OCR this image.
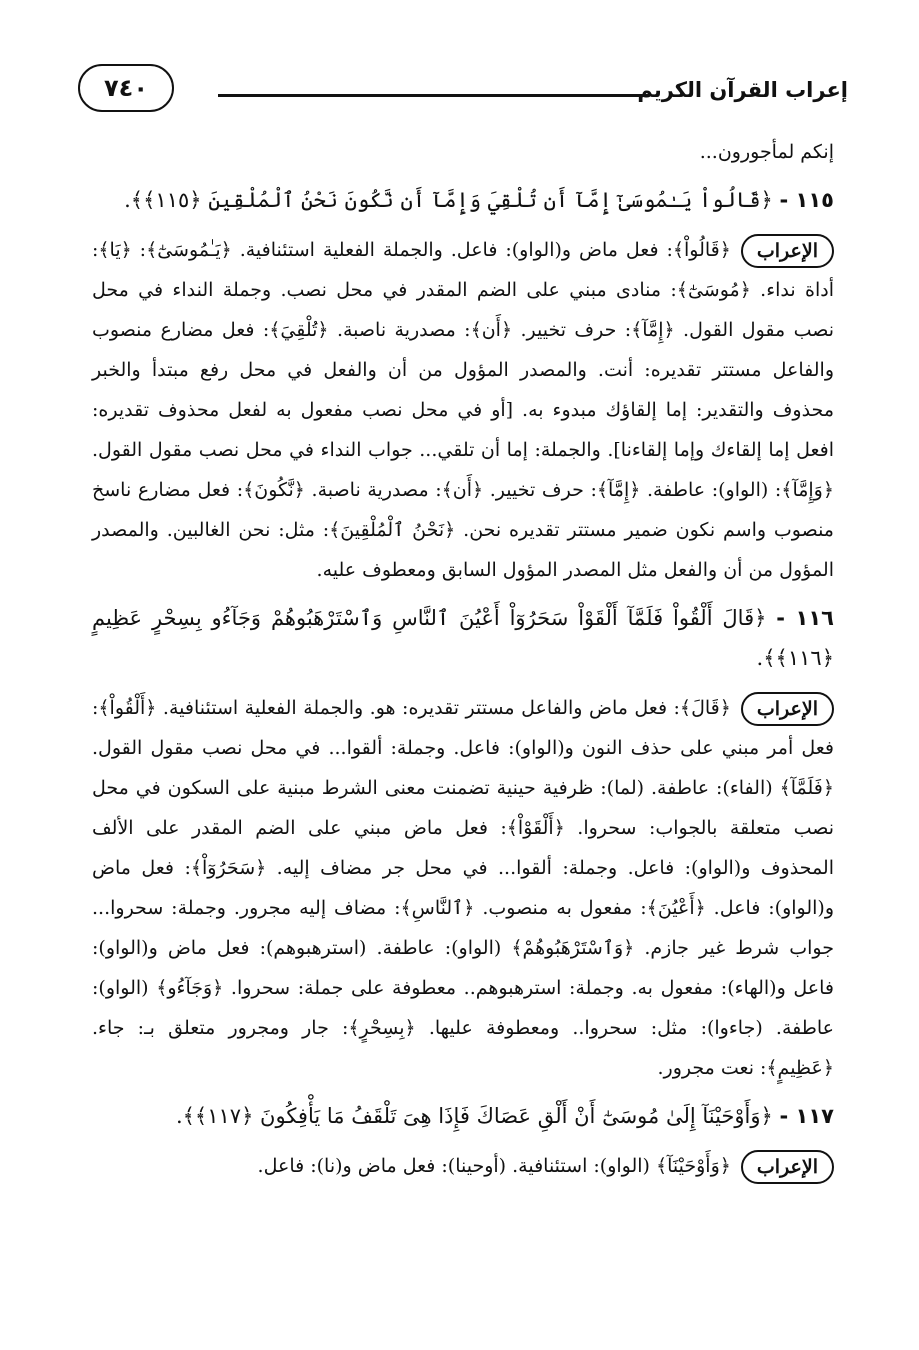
إعراب القرآن الكريم
٧٤٠

إنكم لمأجورون...

١١٥ - ﴿قَالُواْ يَـٰمُوسَىٰٓ إِمَّآ أَن تُلْقِيَ وَإِمَّآ أَن نَّكُونَ نَحْنُ ٱلْمُلْقِينَ ﴿١١٥﴾﴾.

الإعراب
﴿قَالُواْ﴾: فعل ماض و(الواو): فاعل. والجملة الفعلية استئنافية. ﴿يَـٰمُوسَىٰٓ﴾: ﴿يَا﴾: أداة نداء. ﴿مُوسَىٰٓ﴾: منادى مبني على الضم المقدر في محل نصب. وجملة النداء في محل نصب مقول القول. ﴿إِمَّآ﴾: حرف تخيير. ﴿أَن﴾: مصدرية ناصبة. ﴿تُلْقِيَ﴾: فعل مضارع منصوب والفاعل مستتر تقديره: أنت. والمصدر المؤول من أن والفعل في محل رفع مبتدأ والخبر محذوف والتقدير: إما إلقاؤك مبدوء به. [أو في محل نصب مفعول به لفعل محذوف تقديره: افعل إما إلقاءك وإما إلقاءنا]. والجملة: إما أن تلقي... جواب النداء في محل نصب مقول القول. ﴿وَإِمَّآ﴾: (الواو): عاطفة. ﴿إِمَّآ﴾: حرف تخيير. ﴿أَن﴾: مصدرية ناصبة. ﴿نَّكُونَ﴾: فعل مضارع ناسخ منصوب واسم نكون ضمير مستتر تقديره نحن. ﴿نَحْنُ ٱلْمُلْقِينَ﴾: مثل: نحن الغالبين. والمصدر المؤول من أن والفعل مثل المصدر المؤول السابق ومعطوف عليه.

١١٦ - ﴿قَالَ أَلْقُواْ فَلَمَّآ أَلْقَوْاْ سَحَرُوٓاْ أَعْيُنَ ٱلنَّاسِ وَٱسْتَرْهَبُوهُمْ وَجَآءُو بِسِحْرٍ عَظِيمٍ ﴿١١٦﴾﴾.

الإعراب
﴿قَالَ﴾: فعل ماض والفاعل مستتر تقديره: هو. والجملة الفعلية استئنافية. ﴿أَلْقُواْ﴾: فعل أمر مبني على حذف النون و(الواو): فاعل. وجملة: ألقوا... في محل نصب مقول القول. ﴿فَلَمَّآ﴾ (الفاء): عاطفة. (لما): ظرفية حينية تضمنت معنى الشرط مبنية على السكون في محل نصب متعلقة بالجواب: سحروا. ﴿أَلْقَوْاْ﴾: فعل ماض مبني على الضم المقدر على الألف المحذوف و(الواو): فاعل. وجملة: ألقوا... في محل جر مضاف إليه. ﴿سَحَرُوٓاْ﴾: فعل ماض و(الواو): فاعل. ﴿أَعْيُنَ﴾: مفعول به منصوب. ﴿ٱلنَّاسِ﴾: مضاف إليه مجرور. وجملة: سحروا... جواب شرط غير جازم. ﴿وَٱسْتَرْهَبُوهُمْ﴾ (الواو): عاطفة. (استرهبوهم): فعل ماض و(الواو): فاعل و(الهاء): مفعول به. وجملة: استرهبوهم.. معطوفة على جملة: سحروا. ﴿وَجَآءُو﴾ (الواو): عاطفة. (جاءوا): مثل: سحروا.. ومعطوفة عليها. ﴿بِسِحْرٍ﴾: جار ومجرور متعلق بـ: جاء. ﴿عَظِيمٍ﴾: نعت مجرور.

١١٧ - ﴿وَأَوْحَيْنَآ إِلَىٰ مُوسَىٰٓ أَنْ أَلْقِ عَصَاكَ فَإِذَا هِىَ تَلْقَفُ مَا يَأْفِكُونَ ﴿١١٧﴾﴾.

الإعراب
﴿وَأَوْحَيْنَآ﴾ (الواو): استئنافية. (أوحينا): فعل ماض و(نا): فاعل.
